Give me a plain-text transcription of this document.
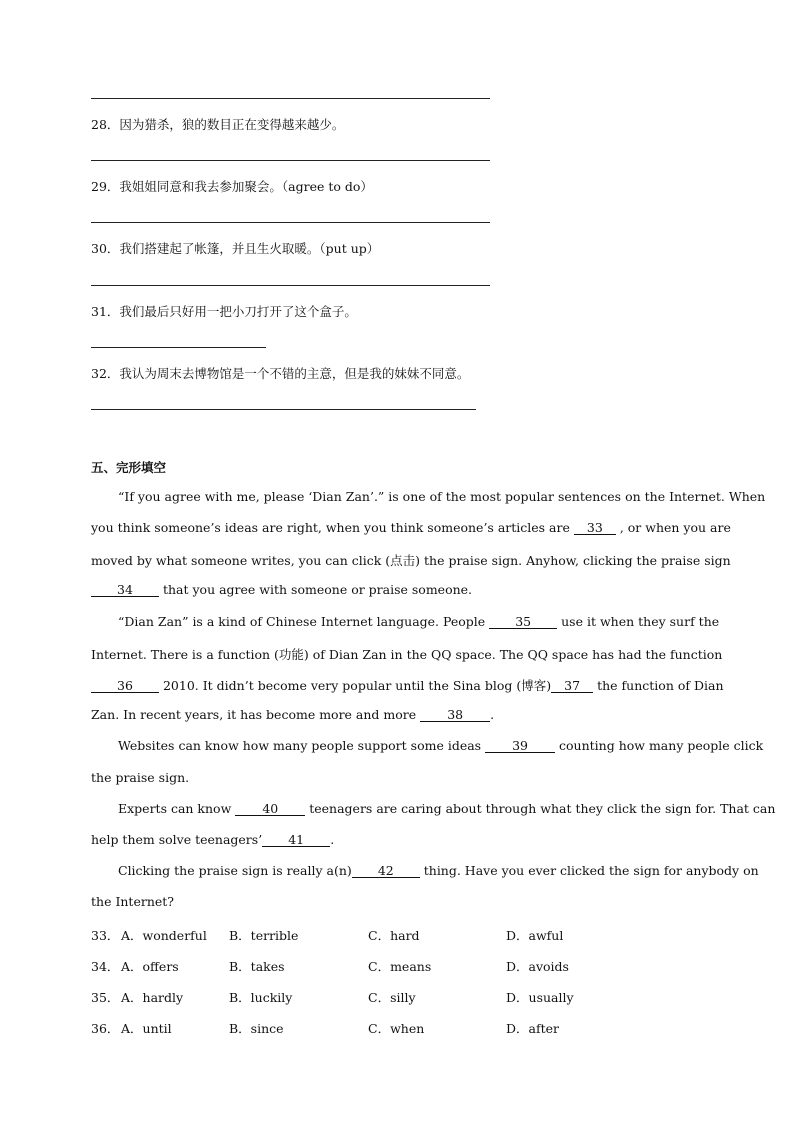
28．因为猎杀，狼的数目正在变得越来越少。
29．我姐姐同意和我去参加聚会。（agree to do）
30．我们搭建起了帐篷，并且生火取暖。（put up）
31．我们最后只好用一把小刀打开了这个盒子。
32．我认为周末去博物馆是一个不错的主意，但是我的妹妹不同意。
五、完形填空
“If you agree with me, please ‘Dian Zan’.” is one of the most popular sentences on the Internet. When
you think someone’s ideas are right, when you think someone’s articles are 33 , or when you are
moved by what someone writes, you can click (点击) the praise sign. Anyhow, clicking the praise sign
34 that you agree with someone or praise someone.
“Dian Zan” is a kind of Chinese Internet language. People 35 use it when they surf the
Internet. There is a function (功能) of Dian Zan in the QQ space. The QQ space has had the function
36 2010. It didn’t become very popular until the Sina blog (博客) 37 the function of Dian
Zan. In recent years, it has become more and more 38 .
Websites can know how many people support some ideas 39 counting how many people click
the praise sign.
Experts can know 40 teenagers are caring about through what they click the sign for. That can
help them solve teenagers’ 41 .
Clicking the praise sign is really a(n) 42 thing. Have you ever clicked the sign for anybody on
the Internet?
33． A．wonderful B．terrible	C．hard	D．awful
34． A．offers	B．takes	C．means	D．avoids
35． A．hardly	B．luckily	C．silly	D．usually
36． A．until	B．since	C．when	D．after
